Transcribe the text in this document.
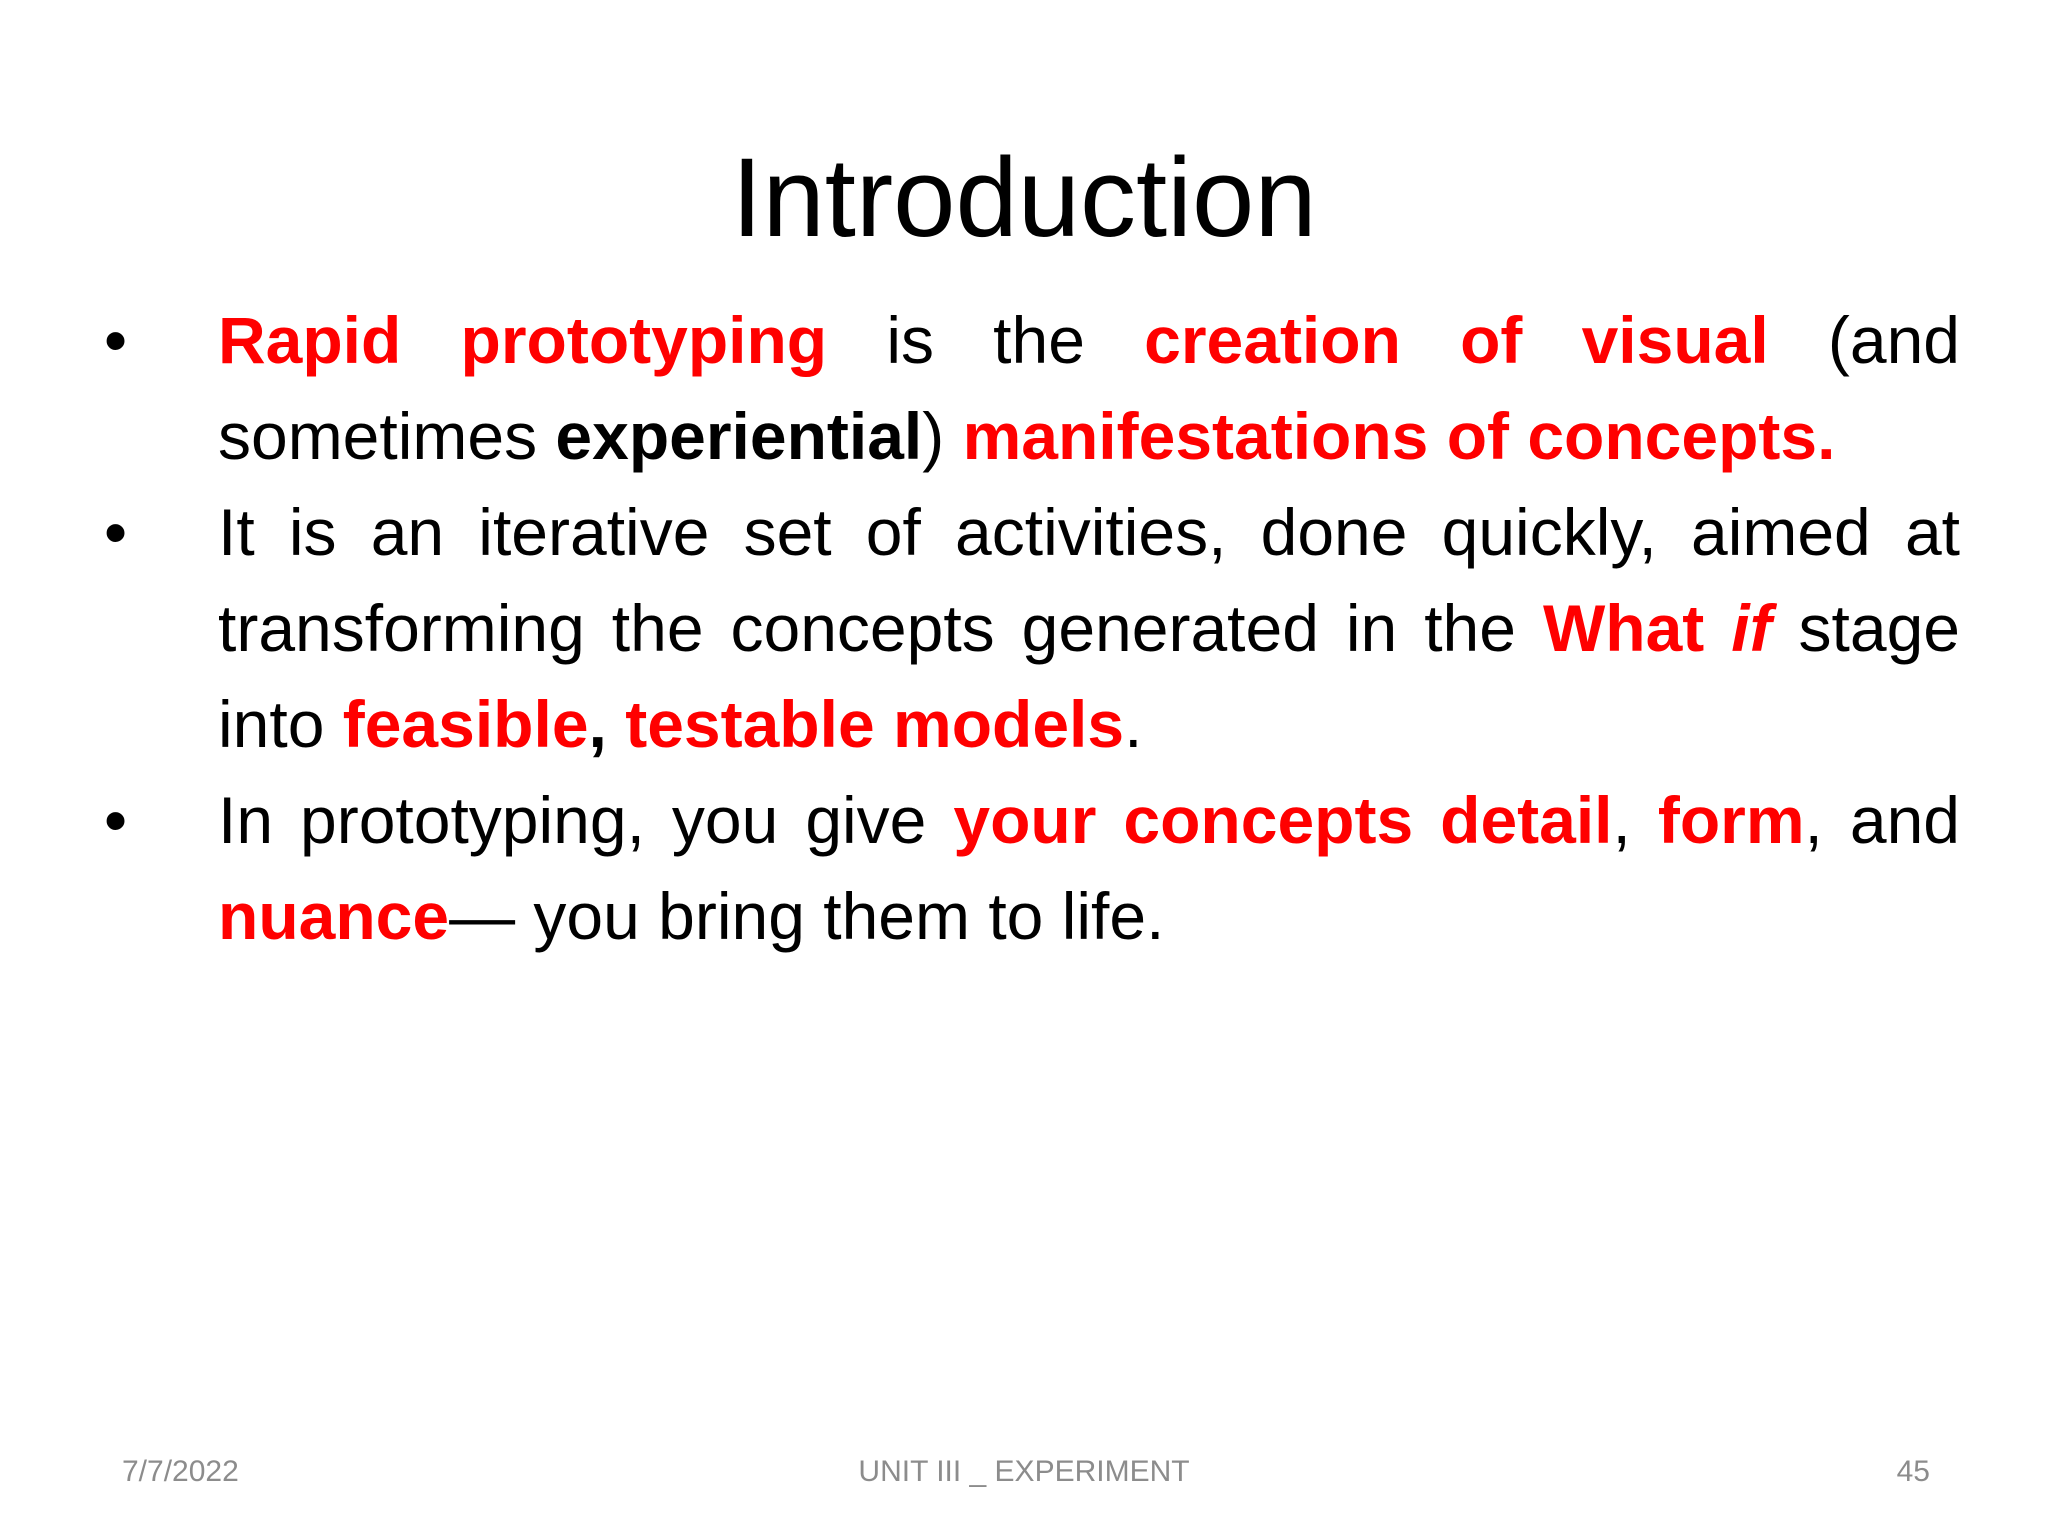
Introduction
• Rapid prototyping is the creation of visual (and sometimes experiential) manifestations of concepts.
• It is an iterative set of activities, done quickly, aimed at transforming the concepts generated in the What if stage into feasible, testable models.
• In prototyping, you give your concepts detail, form, and nuance— you bring them to life.
7/7/2022	UNIT III _ EXPERIMENT	45
